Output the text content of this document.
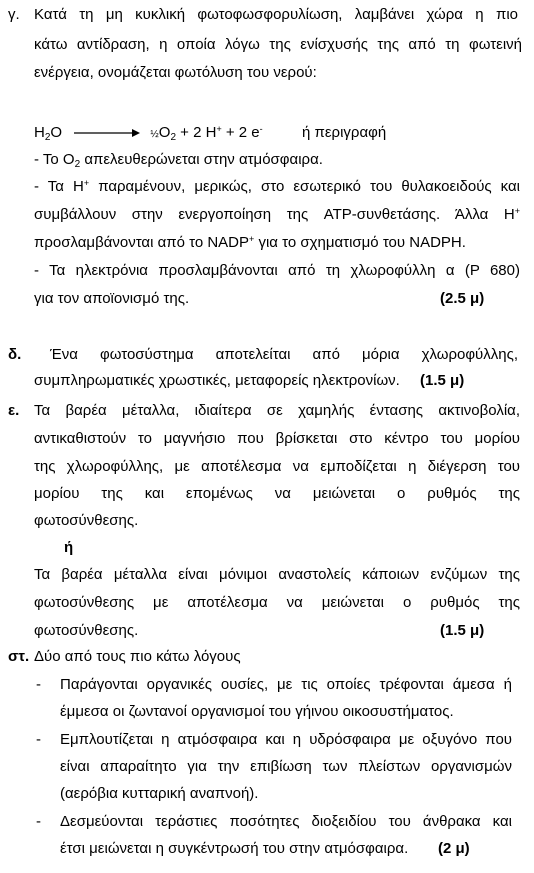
γ. Κατά τη μη κυκλική φωτοφωσφορυλίωση, λαμβάνει χώρα η πιο

κάτω αντίδραση, η οποία λόγω της ενίσχυσής της από τη φωτεινή

ενέργεια, ονομάζεται φωτόλυση του νερού:

$H_2O$	$\frac{1}{2}O_2 + 2$ H+ + 2 e-	ή περιγραφή

- Το $O_2$ απελευθερώνεται στην ατμόσφαιρα.

- Τα H+ παραμένουν, μερικώς, στο εσωτερικό του θυλακοειδούς και

συμβάλλουν στην ενεργοποίηση της ATP-συνθετάσης. Άλλα H+

προσλαμβάνονται από το NADP+ για το σχηματισμό του NADPH.

- Τα ηλεκτρόνια προσλαμβάνονται από τη χλωροφύλλη α (P 680)

για τον αποϊονισμό της.	(2.5 μ)
δ. Ένα φωτοσύστημα αποτελείται από μόρια χλωροφύλλης,

συμπληρωματικές χρωστικές, μεταφορείς ηλεκτρονίων. (1.5 μ)
ε. Τα βαρέα μέταλλα, ιδιαίτερα σε χαμηλής έντασης ακτινοβολία,

αντικαθιστούν το μαγνήσιο που βρίσκεται στο κέντρο του μορίου

της χλωροφύλλης, με αποτέλεσμα να εμποδίζεται η διέγερση του

μορίου της και επομένως να μειώνεται ο ρυθμός της

φωτοσύνθεσης.

ή

Τα βαρέα μέταλλα είναι μόνιμοι αναστολείς κάποιων ενζύμων της

φωτοσύνθεσης με αποτέλεσμα να μειώνεται ο ρυθμός της

φωτοσύνθεσης.	(1.5 μ)
στ. Δύο από τους πιο κάτω λόγους

- Παράγονται οργανικές ουσίες, με τις οποίες τρέφονται άμεσα ή

έμμεσα οι ζωντανοί οργανισμοί του γήινου οικοσυστήματος.

- Εμπλουτίζεται η ατμόσφαιρα και η υδρόσφαιρα με οξυγόνο που

είναι απαραίτητο για την επιβίωση των πλείστων οργανισμών

(αερόβια κυτταρική αναπνοή).

- Δεσμεύονται τεράστιες ποσότητες διοξειδίου του άνθρακα και

έτσι μειώνεται η συγκέντρωσή του στην ατμόσφαιρα. (2 μ)
